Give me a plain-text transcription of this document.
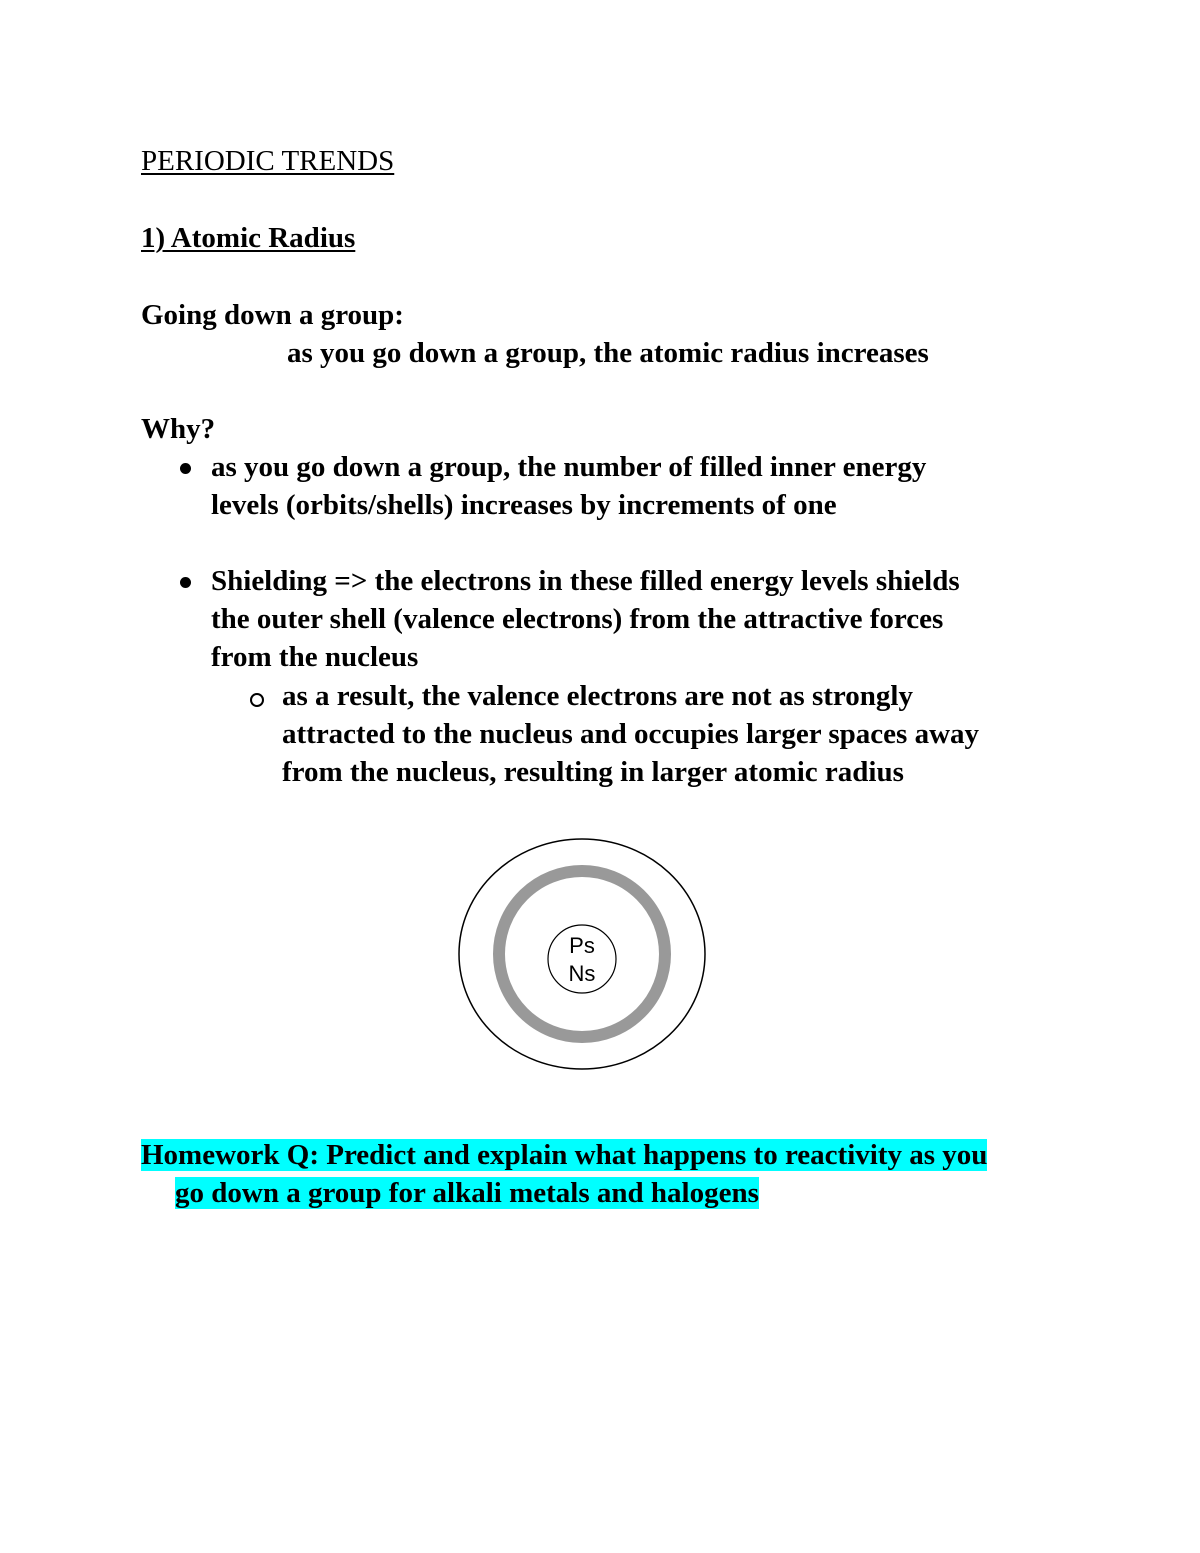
PERIODIC TRENDS
1) Atomic Radius
Going down a group:
as you go down a group, the atomic radius increases
Why?
as you go down a group, the number of filled inner energy
levels (orbits/shells) increases by increments of one
Shielding => the electrons in these filled energy levels shields
the outer shell (valence electrons) from the attractive forces
from the nucleus
as a result, the valence electrons are not as strongly
attracted to the nucleus and occupies larger spaces away
from the nucleus, resulting in larger atomic radius
Ps
Ns
Homework Q: Predict and explain what happens to reactivity as you
go down a group for alkali metals and halogens
